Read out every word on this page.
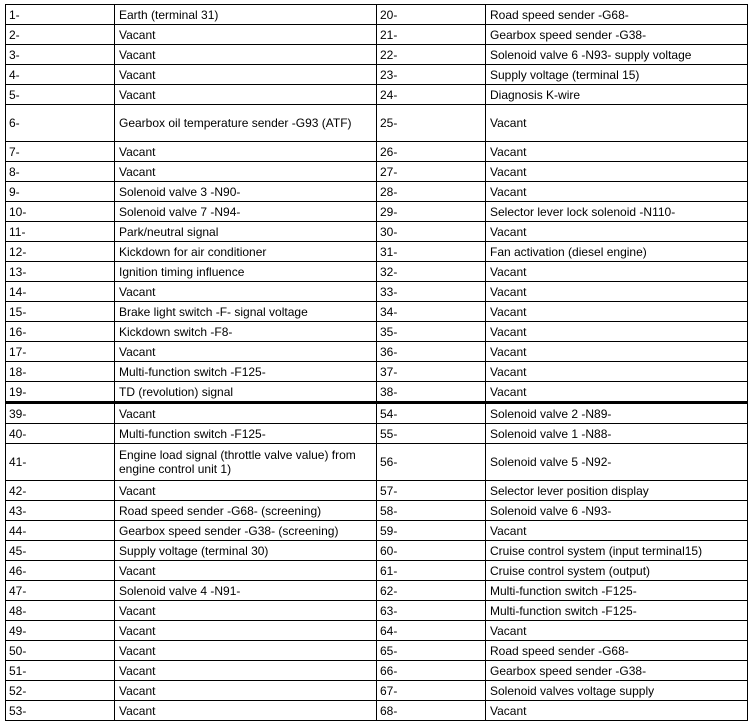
1-	Earth (terminal 31)	20-	Road speed sender -G68-
2-	Vacant	21-	Gearbox speed sender -G38-
3-	Vacant	22-	Solenoid valve 6 -N93- supply voltage
4-	Vacant	23-	Supply voltage (terminal 15)
5-	Vacant	24-	Diagnosis K-wire
6-	Gearbox oil temperature sender -G93 (ATF)	25-	Vacant
7-	Vacant	26-	Vacant
8-	Vacant	27-	Vacant
9-	Solenoid valve 3 -N90-	28-	Vacant
10-	Solenoid valve 7 -N94-	29-	Selector lever lock solenoid -N110-
11-	Park/neutral signal	30-	Vacant
12-	Kickdown for air conditioner	31-	Fan activation (diesel engine)
13-	Ignition timing influence	32-	Vacant
14-	Vacant	33-	Vacant
15-	Brake light switch -F- signal voltage	34-	Vacant
16-	Kickdown switch -F8-	35-	Vacant
17-	Vacant	36-	Vacant
18-	Multi-function switch -F125-	37-	Vacant
19-	TD (revolution) signal	38-	Vacant
39-	Vacant	54-	Solenoid valve 2 -N89-
40-	Multi-function switch -F125-	55-	Solenoid valve 1 -N88-
41-	Engine load signal (throttle valve value) from engine control unit 1)	56-	Solenoid valve 5 -N92-
42-	Vacant	57-	Selector lever position display
43-	Road speed sender -G68- (screening)	58-	Solenoid valve 6 -N93-
44-	Gearbox speed sender -G38- (screening)	59-	Vacant
45-	Supply voltage (terminal 30)	60-	Cruise control system (input terminal15)
46-	Vacant	61-	Cruise control system (output)
47-	Solenoid valve 4 -N91-	62-	Multi-function switch -F125-
48-	Vacant	63-	Multi-function switch -F125-
49-	Vacant	64-	Vacant
50-	Vacant	65-	Road speed sender -G68-
51-	Vacant	66-	Gearbox speed sender -G38-
52-	Vacant	67-	Solenoid valves voltage supply
53-	Vacant	68-	Vacant
